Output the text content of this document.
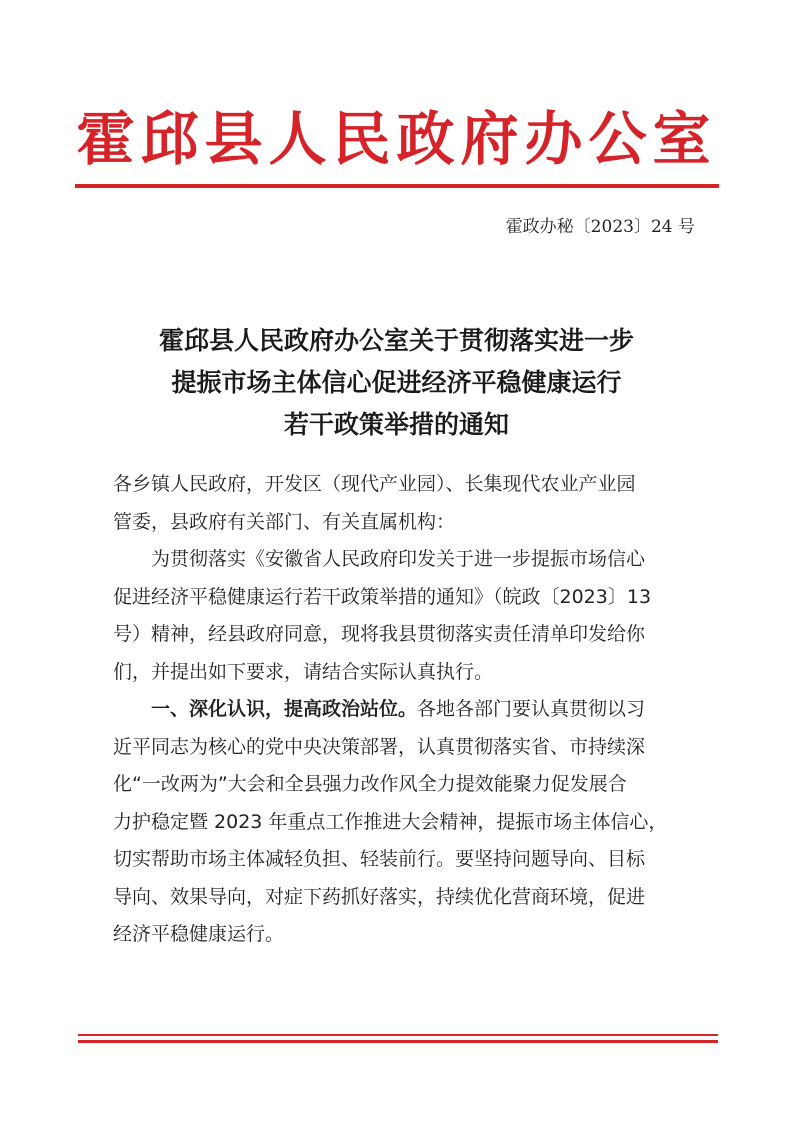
霍邱县人民政府办公室
霍政办秘〔2023〕24 号
霍邱县人民政府办公室关于贯彻落实进一步
提振市场主体信心促进经济平稳健康运行
若干政策举措的通知

各乡镇人民政府，开发区（现代产业园）、长集现代农业产业园
管委，县政府有关部门、有关直属机构：

为贯彻落实《安徽省人民政府印发关于进一步提振市场信心
促进经济平稳健康运行若干政策举措的通知》（皖政〔2023〕13
号）精神，经县政府同意，现将我县贯彻落实责任清单印发给你
们，并提出如下要求，请结合实际认真执行。

一、深化认识，提高政治站位。各地各部门要认真贯彻以习
近平同志为核心的党中央决策部署，认真贯彻落实省、市持续深
化“一改两为”大会和全县强力改作风全力提效能聚力促发展合
力护稳定暨 2023 年重点工作推进大会精神，提振市场主体信心，
切实帮助市场主体减轻负担、轻装前行。要坚持问题导向、目标
导向、效果导向，对症下药抓好落实，持续优化营商环境，促进
经济平稳健康运行。
